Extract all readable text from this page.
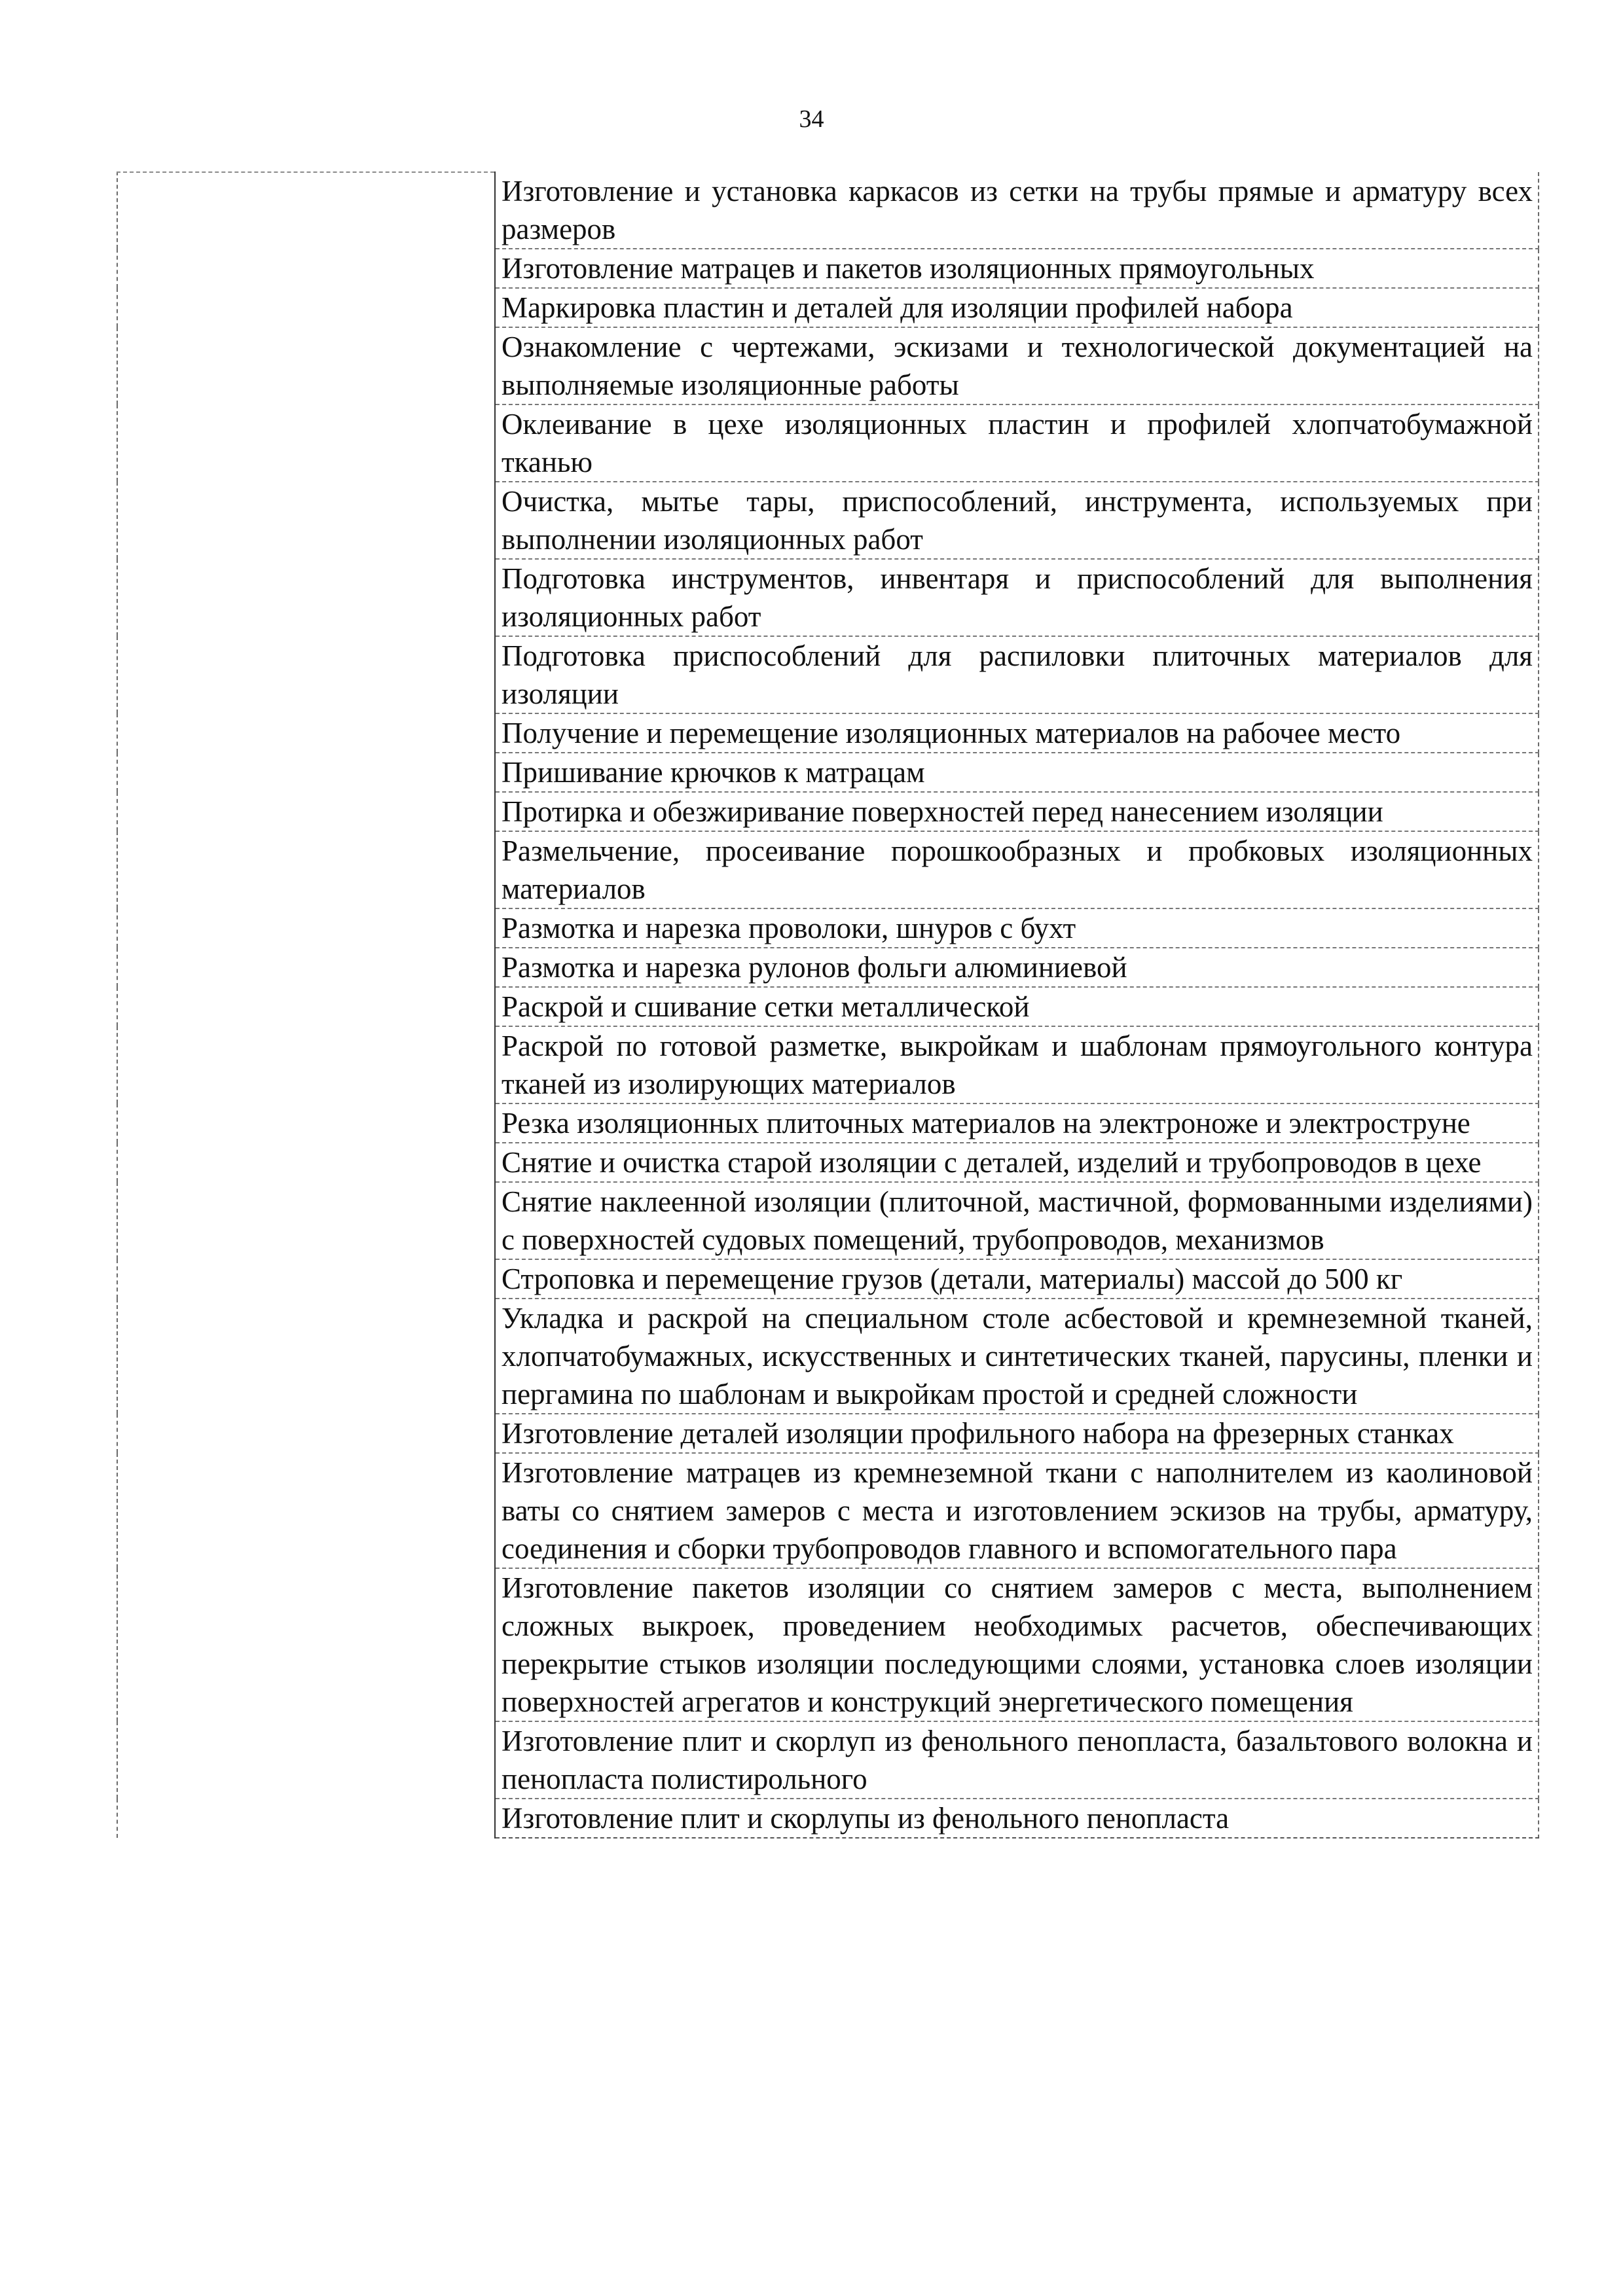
34
	Изготовление и установка каркасов из сетки на трубы прямые и арматуру всех размеров
Изготовление матрацев и пакетов изоляционных прямоугольных
Маркировка пластин и деталей для изоляции профилей набора
Ознакомление с чертежами, эскизами и технологической документацией на выполняемые изоляционные работы
Оклеивание в цехе изоляционных пластин и профилей хлопчатобумажной тканью
Очистка, мытье тары, приспособлений, инструмента, используемых при выполнении изоляционных работ
Подготовка инструментов, инвентаря и приспособлений для выполнения изоляционных работ
Подготовка приспособлений для распиловки плиточных материалов для изоляции
Получение и перемещение изоляционных материалов на рабочее место
Пришивание крючков к матрацам
Протирка и обезжиривание поверхностей перед нанесением изоляции
Размельчение, просеивание порошкообразных и пробковых изоляционных материалов
Размотка и нарезка проволоки, шнуров с бухт
Размотка и нарезка рулонов фольги алюминиевой
Раскрой и сшивание сетки металлической
Раскрой по готовой разметке, выкройкам и шаблонам прямоугольного контура тканей из изолирующих материалов
Резка изоляционных плиточных материалов на электроноже и электроструне
Снятие и очистка старой изоляции с деталей, изделий и трубопроводов в цехе
Снятие наклеенной изоляции (плиточной, мастичной, формованными изделиями) с поверхностей судовых помещений, трубопроводов, механизмов
Строповка и перемещение грузов (детали, материалы) массой до 500 кг
Укладка и раскрой на специальном столе асбестовой и кремнеземной тканей, хлопчатобумажных, искусственных и синтетических тканей, парусины, пленки и пергамина по шаблонам и выкройкам простой и средней сложности
Изготовление деталей изоляции профильного набора на фрезерных станках
Изготовление матрацев из кремнеземной ткани с наполнителем из каолиновой ваты со снятием замеров с места и изготовлением эскизов на трубы, арматуру, соединения и сборки трубопроводов главного и вспомогательного пара
Изготовление пакетов изоляции со снятием замеров с места, выполнением сложных выкроек, проведением необходимых расчетов, обеспечивающих перекрытие стыков изоляции последующими слоями, установка слоев изоляции поверхностей агрегатов и конструкций энергетического помещения
Изготовление плит и скорлуп из фенольного пенопласта, базальтового волокна и пенопласта полистирольного
Изготовление плит и скорлупы из фенольного пенопласта
